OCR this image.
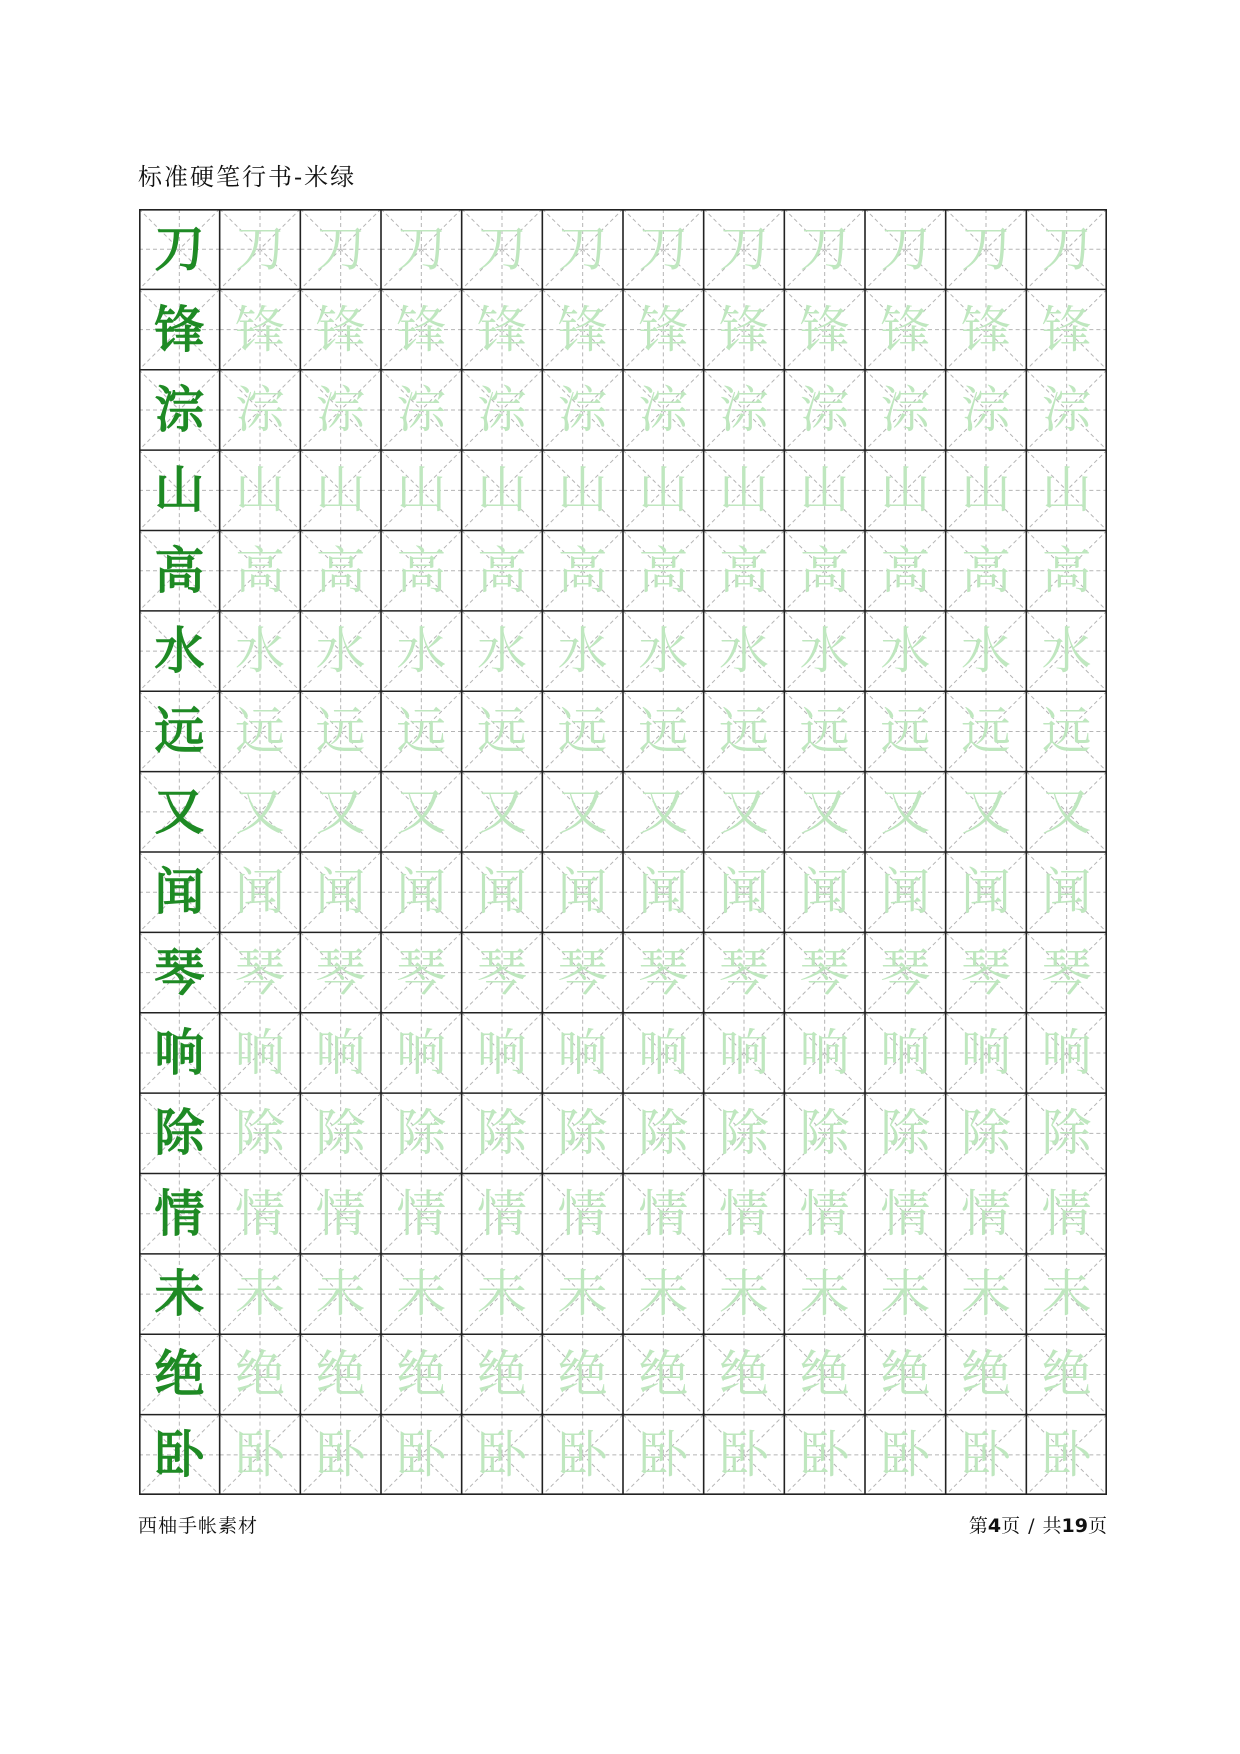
标准硬笔行书-米绿
刀 刀 刀 刀 刀 刀 刀 刀 刀 刀 刀 刀
锋 锋 锋 锋 锋 锋 锋 锋 锋 锋 锋 锋
淙 淙 淙 淙 淙 淙 淙 淙 淙 淙 淙 淙
山 山 山 山 山 山 山 山 山 山 山 山
高 高 高 高 高 高 高 高 高 高 高 高
水 水 水 水 水 水 水 水 水 水 水 水
远 远 远 远 远 远 远 远 远 远 远 远
又 又 又 又 又 又 又 又 又 又 又 又
闻 闻 闻 闻 闻 闻 闻 闻 闻 闻 闻 闻
琴 琴 琴 琴 琴 琴 琴 琴 琴 琴 琴 琴
响 响 响 响 响 响 响 响 响 响 响 响
除 除 除 除 除 除 除 除 除 除 除 除
情 情 情 情 情 情 情 情 情 情 情 情
未 未 未 未 未 未 未 未 未 未 未 未
绝 绝 绝 绝 绝 绝 绝 绝 绝 绝 绝 绝
卧 卧 卧 卧 卧 卧 卧 卧 卧 卧 卧 卧
西柚手帐素材	第4页 / 共19页
